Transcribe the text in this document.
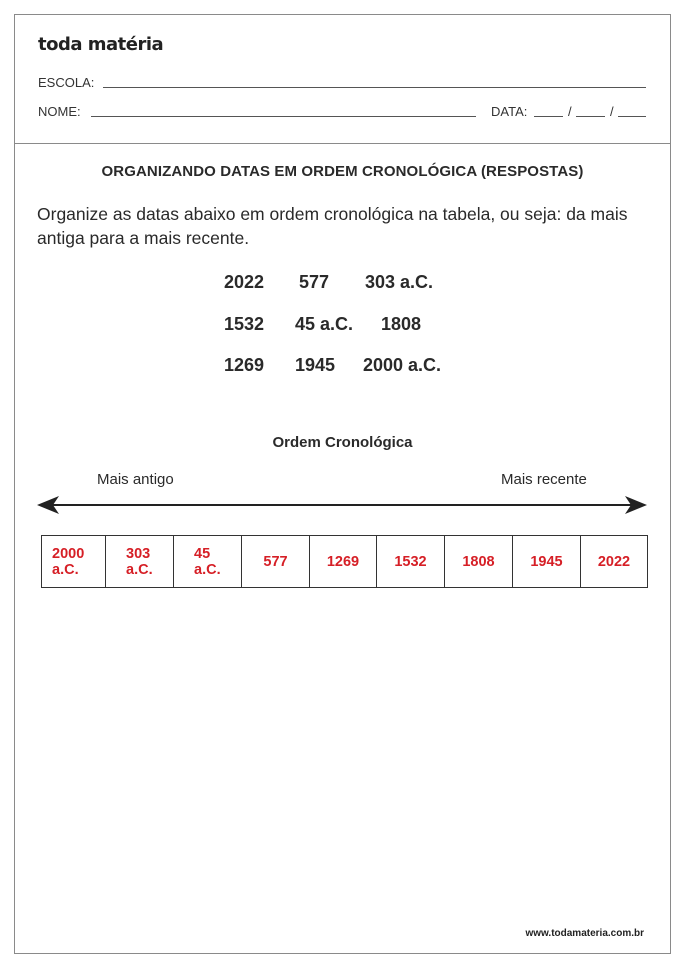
toda matéria
ESCOLA:
NOME:	DATA:	/	/
ORGANIZANDO DATAS EM ORDEM CRONOLÓGICA (RESPOSTAS)
Organize as datas abaixo em ordem cronológica na tabela, ou seja: da mais antiga para a mais recente.
2022 577 303 a.C.
1532 45 a.C. 1808
1269 1945 2000 a.C.
Ordem Cronológica
Mais antigo	Mais recente
2000
a.C.

303
a.C.

45
a.C.	577	1269	1532	1808	1945	2022
www.todamateria.com.br
